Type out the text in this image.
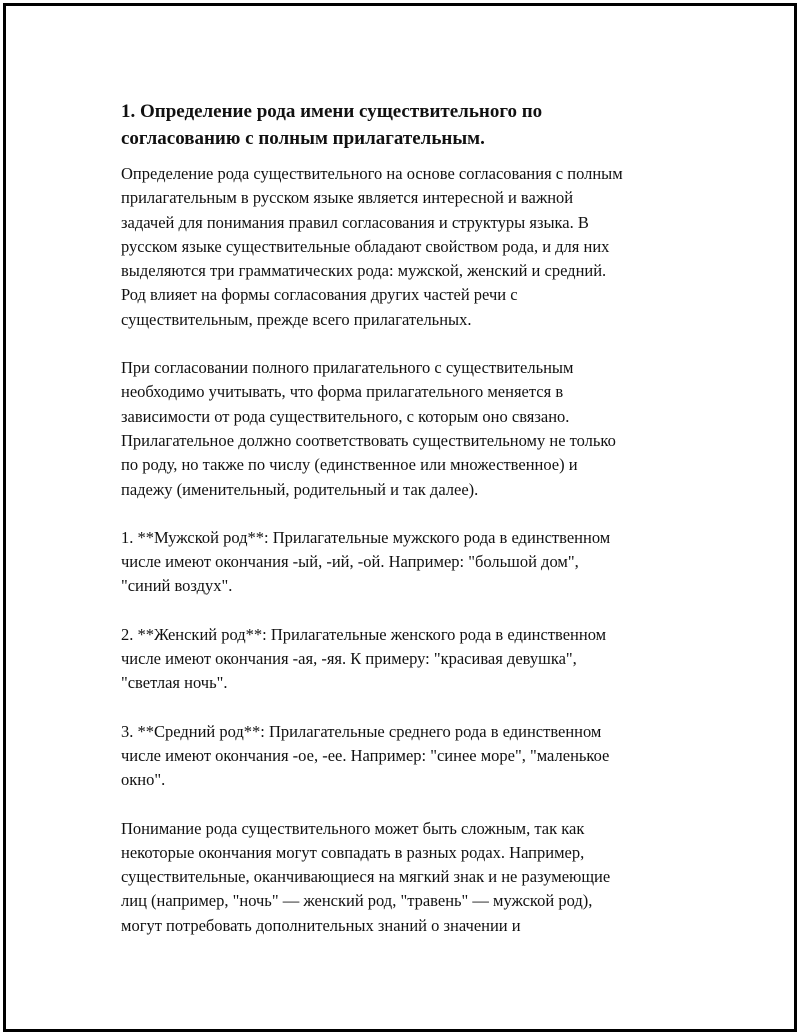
1. Определение рода имени существительного по
согласованию с полным прилагательным.

Определение рода существительного на основе согласования с полным
прилагательным в русском языке является интересной и важной
задачей для понимания правил согласования и структуры языка. В
русском языке существительные обладают свойством рода, и для них
выделяются три грамматических рода: мужской, женский и средний.
Род влияет на формы согласования других частей речи с
существительным, прежде всего прилагательных.

При согласовании полного прилагательного с существительным
необходимо учитывать, что форма прилагательного меняется в
зависимости от рода существительного, с которым оно связано.
Прилагательное должно соответствовать существительному не только
по роду, но также по числу (единственное или множественное) и
падежу (именительный, родительный и так далее).

1. **Мужской род**: Прилагательные мужского рода в единственном
числе имеют окончания -ый, -ий, -ой. Например: "большой дом",
"синий воздух".

2. **Женский род**: Прилагательные женского рода в единственном
числе имеют окончания -ая, -яя. К примеру: "красивая девушка",
"светлая ночь".

3. **Средний род**: Прилагательные среднего рода в единственном
числе имеют окончания -ое, -ее. Например: "синее море", "маленькое
окно".

Понимание рода существительного может быть сложным, так как
некоторые окончания могут совпадать в разных родах. Например,
существительные, оканчивающиеся на мягкий знак и не разумеющие
лиц (например, "ночь" — женский род, "травень" — мужской род),
могут потребовать дополнительных знаний о значении и
